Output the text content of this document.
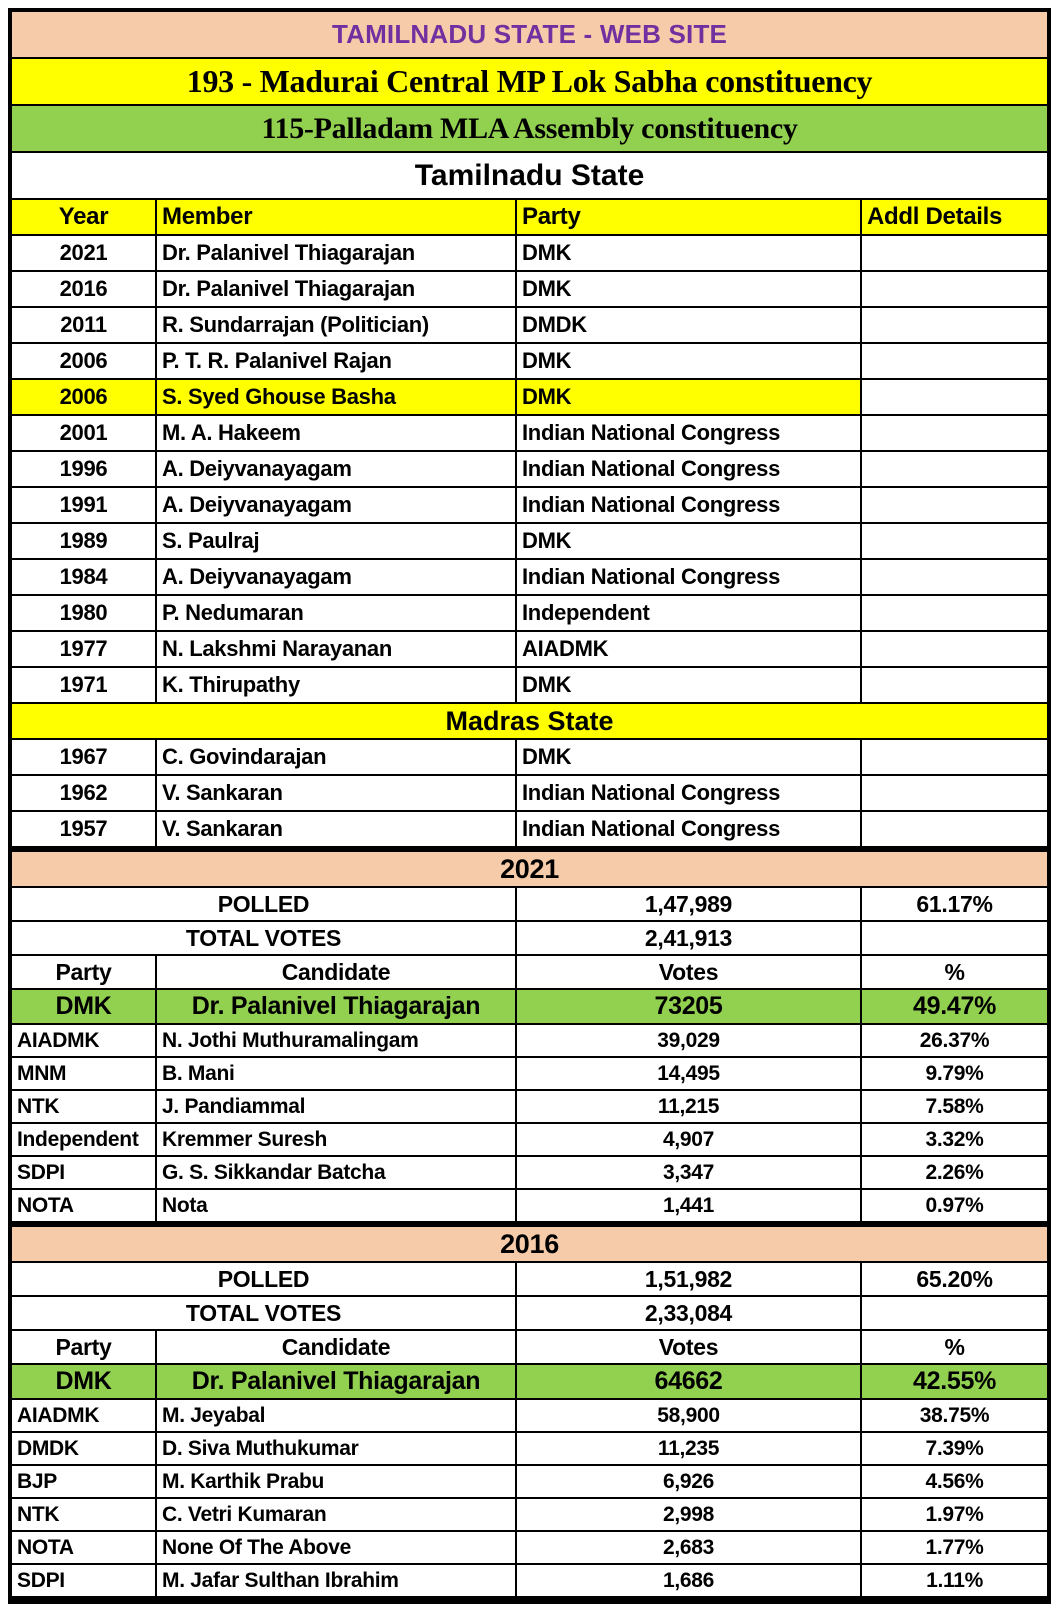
TAMILNADU STATE - WEB SITE			
193 - Madurai Central MP Lok Sabha constituency			
115-Palladam MLA Assembly constituency			
Tamilnadu State			
Year	Member	Party	Addl Details
2021	Dr. Palanivel Thiagarajan	DMK	
2016	Dr. Palanivel Thiagarajan	DMK	
2011	R. Sundarrajan (Politician)	DMDK	
2006	P. T. R. Palanivel Rajan	DMK	
2006	S. Syed Ghouse Basha	DMK	
2001	M. A. Hakeem	Indian National Congress	
1996	A. Deiyvanayagam	Indian National Congress	
1991	A. Deiyvanayagam	Indian National Congress	
1989	S. Paulraj	DMK	
1984	A. Deiyvanayagam	Indian National Congress	
1980	P. Nedumaran	Independent	
1977	N. Lakshmi Narayanan	AIADMK	
1971	K. Thirupathy	DMK	
Madras State			
1967	C. Govindarajan	DMK	
1962	V. Sankaran	Indian National Congress	
1957	V. Sankaran	Indian National Congress	
2021			
POLLED		1,47,989	61.17%
TOTAL VOTES		2,41,913	
Party	Candidate	Votes	%
DMK	Dr. Palanivel Thiagarajan	73205	49.47%
AIADMK	N. Jothi Muthuramalingam	39,029	26.37%
MNM	B. Mani	14,495	9.79%
NTK	J. Pandiammal	11,215	7.58%
Independent	Kremmer Suresh	4,907	3.32%
SDPI	G. S. Sikkandar Batcha	3,347	2.26%
NOTA	Nota	1,441	0.97%
2016			
POLLED		1,51,982	65.20%
TOTAL VOTES		2,33,084	
Party	Candidate	Votes	%
DMK	Dr. Palanivel Thiagarajan	64662	42.55%
AIADMK	M. Jeyabal	58,900	38.75%
DMDK	D. Siva Muthukumar	11,235	7.39%
BJP	M. Karthik Prabu	6,926	4.56%
NTK	C. Vetri Kumaran	2,998	1.97%
NOTA	None Of The Above	2,683	1.77%
SDPI	M. Jafar Sulthan Ibrahim	1,686	1.11%
